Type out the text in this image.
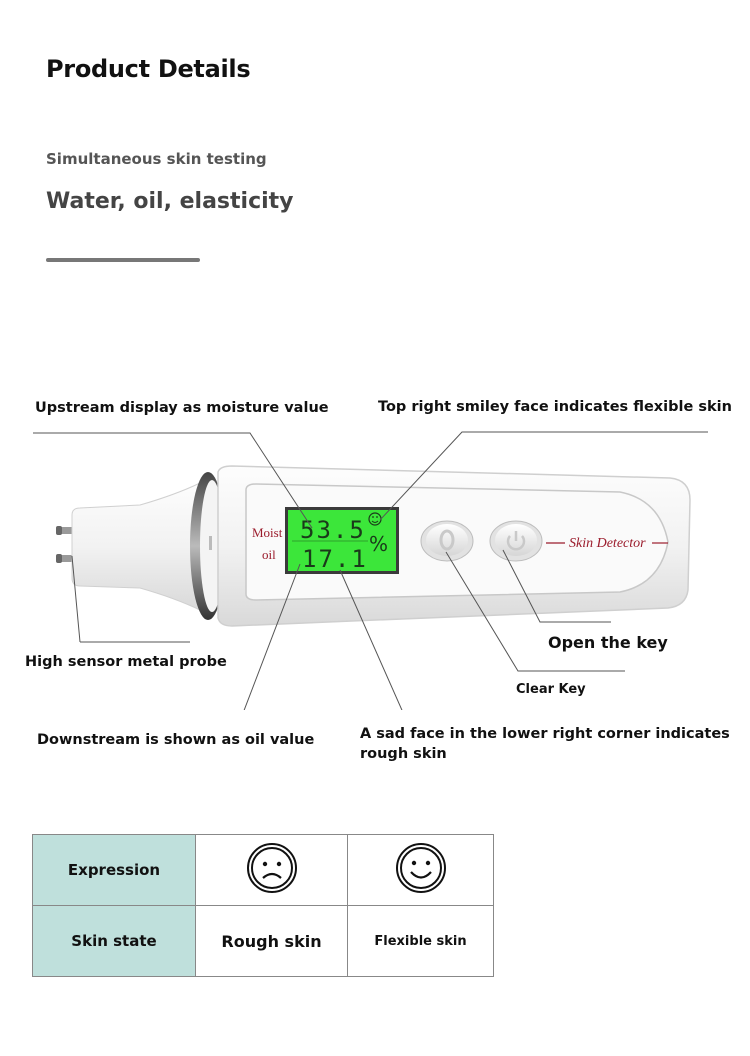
Product Details
Simultaneous skin testing
Water, oil, elasticity
Upstream display as moisture value	Top right smiley face indicates flexible skin
High sensor metal probe
Open the key
Clear Key
Downstream is shown as oil value	A sad face in the lower right corner indicates rough skin
Moist
oil
53.5
17.1
%	Skin Detector
Expression		
Skin state	Rough skin	Flexible skin
